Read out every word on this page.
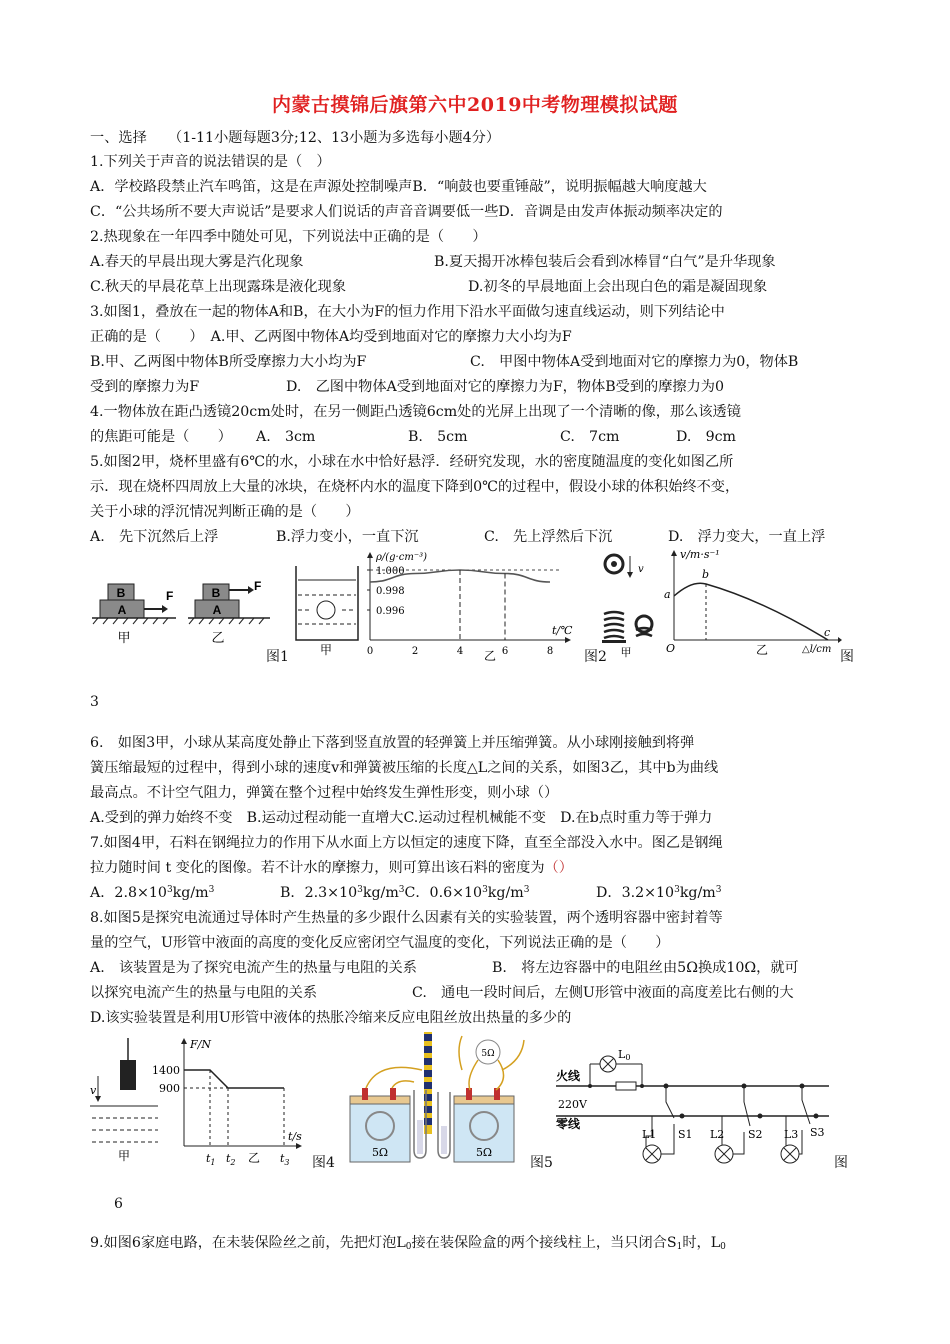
内蒙古摸锦后旗第六中2019中考物理模拟试题
一、选择　　（1-11小题每题3分;12、13小题为多选每小题4分）
1.下列关于声音的说法错误的是（　）
A．学校路段禁止汽车鸣笛，这是在声源处控制噪声B．“响鼓也要重锤敲”，说明振幅越大响度越大
C．“公共场所不要大声说话”是要求人们说话的声音音调要低一些D．音调是由发声体振动频率决定的
2.热现象在一年四季中随处可见，下列说法中正确的是（　　）
A.春天的早晨出现大雾是汽化现象	B.夏天揭开冰棒包装后会看到冰棒冒“白气”是升华现象
C.秋天的早晨花草上出现露珠是液化现象	D.初冬的早晨地面上会出现白色的霜是凝固现象
3.如图1，叠放在一起的物体A和B，在大小为F的恒力作用下沿水平面做匀速直线运动，则下列结论中
正确的是（　　）　A.甲、乙两图中物体A均受到地面对它的摩擦力大小均为F
B.甲、乙两图中物体B所受摩擦力大小均为F	C.　甲图中物体A受到地面对它的摩擦力为0，物体B
受到的摩擦力为F	D.　乙图中物体A受到地面对它的摩擦力为F，物体B受到的摩擦力为0
4.一物体放在距凸透镜20cm处时，在另一侧距凸透镜6cm处的光屏上出现了一个清晰的像，那么该透镜
的焦距可能是（　　） A.　3cm	B.　5cm	C.　7cm	D.　9cm
5.如图2甲，烧杯里盛有6℃的水，小球在水中恰好悬浮．经研究发现，水的密度随温度的变化如图乙所
示．现在烧杯四周放上大量的冰块，在烧杯内水的温度下降到0℃的过程中，假设小球的体积始终不变，
关于小球的浮沉情况判断正确的是（　　）
A.　先下沉然后上浮	B.浮力变小，一直下沉	C.　先上浮然后下沉	D.　浮力变大，一直上浮
B
A
F
甲
B
A
F
乙
图1	甲
ρ/(g·cm⁻³)
t/℃
1.000
0.998
0.996
0	2	4	6	8
乙
v
甲
图2
v/m·s⁻¹
a
b
c
O	△l/cm
乙	图
3
6.　如图3甲，小球从某高度处静止下落到竖直放置的轻弹簧上并压缩弹簧。从小球刚接触到将弹
簧压缩最短的过程中，得到小球的速度v和弹簧被压缩的长度△L之间的关系，如图3乙，其中b为曲线
最高点。不计空气阻力，弹簧在整个过程中始终发生弹性形变，则小球（）
A.受到的弹力始终不变　B.运动过程动能一直增大C.运动过程机械能不变　D.在b点时重力等于弹力
7.如图4甲，石料在钢绳拉力的作用下从水面上方以恒定的速度下降，直至全部没入水中。图乙是钢绳
拉力随时间 t 变化的图像。若不计水的摩擦力，则可算出该石料的密度为（）
A．$2.8\times 10^3kg/m^3$	B．$2.3\times 10^3kg/m^3C$．$0.6\times 10^3kg/m^3$	D．$3.2\times 10^3kg/m^3$
8.如图5是探究电流通过导体时产生热量的多少跟什么因素有关的实验装置，两个透明容器中密封着等
量的空气，U形管中液面的高度的变化反应密闭空气温度的变化，下列说法正确的是（　　）
A.　该装置是为了探究电流产生的热量与电阻的关系	B.　将左边容器中的电阻丝由5Ω换成10Ω，就可
以探究电流产生的热量与电阻的关系	C.　通电一段时间后，左侧U形管中液面的高度差比右侧的大
D.该实验装置是利用U形管中液体的热胀冷缩来反应电阻丝放出热量的多少的
v
甲
F/N
1400
900
t/s
$t_1$ $t_2$ 乙 $t_3$ 图4
5Ω	5Ω
5Ω
图5
火线
220V
零线
L0
L1 S1 L2 S2 L3 S3
图
6
9.如图6家庭电路，在未装保险丝之前，先把灯泡$L_0$接在装保险盒的两个接线柱上，当只闭合$S_1$时，$L_0$
